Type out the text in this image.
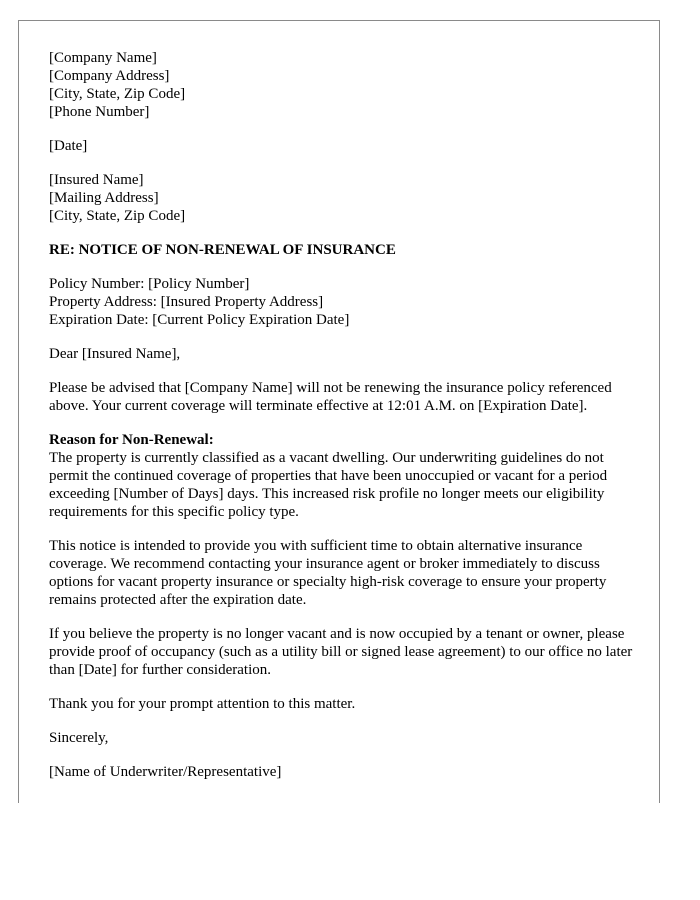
[Company Name]
[Company Address]
[City, State, Zip Code]
[Phone Number]
[Date]
[Insured Name]
[Mailing Address]
[City, State, Zip Code]
RE: NOTICE OF NON-RENEWAL OF INSURANCE
Policy Number: [Policy Number]
Property Address: [Insured Property Address]
Expiration Date: [Current Policy Expiration Date]
Dear [Insured Name],

Please be advised that [Company Name] will not be renewing the insurance policy referenced above. Your current coverage will terminate effective at 12:01 A.M. on [Expiration Date].

Reason for Non-Renewal:
The property is currently classified as a vacant dwelling. Our underwriting guidelines do not permit the continued coverage of properties that have been unoccupied or vacant for a period exceeding [Number of Days] days. This increased risk profile no longer meets our eligibility requirements for this specific policy type.

This notice is intended to provide you with sufficient time to obtain alternative insurance coverage. We recommend contacting your insurance agent or broker immediately to discuss options for vacant property insurance or specialty high-risk coverage to ensure your property remains protected after the expiration date.

If you believe the property is no longer vacant and is now occupied by a tenant or owner, please provide proof of occupancy (such as a utility bill or signed lease agreement) to our office no later than [Date] for further consideration.

Thank you for your prompt attention to this matter.

Sincerely,

[Name of Underwriter/Representative]
